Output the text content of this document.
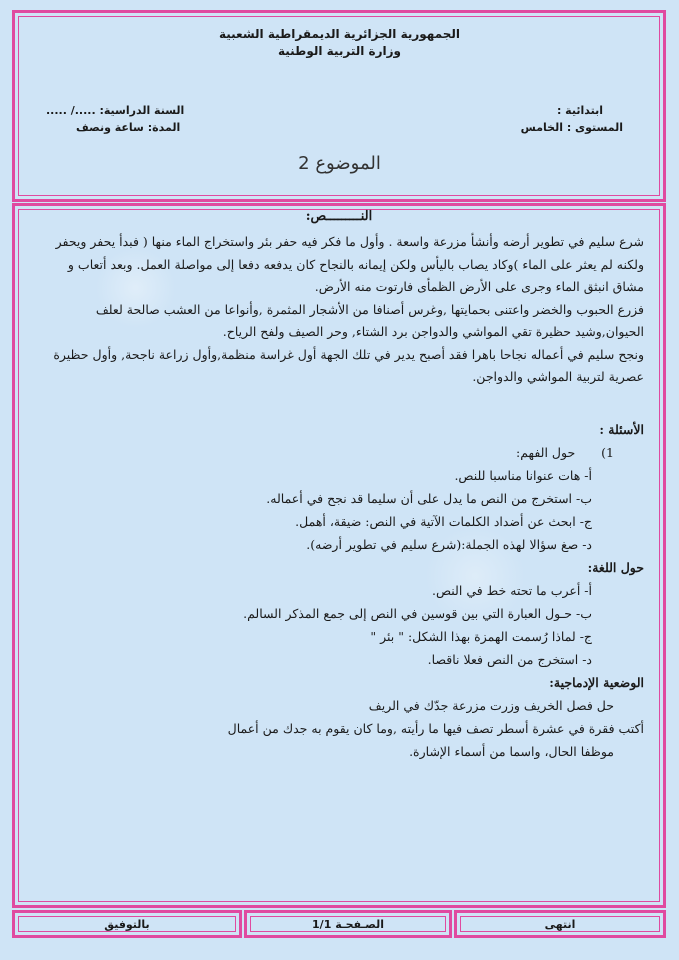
الجمهورية الجزائرية الديمقراطية الشعبية
وزارة التربية الوطنية
ابتدائية :
المستوى : الخامس
السنة الدراسية: ...../ .....
المدة: ساعة ونصف
الموضوع 2
النـــــــــص:

شرع سليم في تطوير أرضه وأنشأ مزرعة واسعة . وأول ما فكر فيه حفر بئر واستخراج الماء منها ( فبدأ يحفر ويحفر ولكنه لم يعثر على الماء )وكاد يصاب باليأس ولكن إيمانه بالنجاح كان يدفعه دفعا إلى مواصلة العمل. وبعد أتعاب و مشاق انبثق الماء وجرى على الأرض الظمأى فارتوت منه الأرض.

فزرع الحبوب والخضر واعتنى بحمايتها ,وغرس أصنافا من الأشجار المثمرة ,وأنواعا من العشب صالحة لعلف الحيوان,وشيد حظيرة تقي المواشي والدواجن برد الشتاء, وحر الصيف ولفح الرياح.

ونجح سليم في أعماله نجاحا باهرا فقد أصبح يدير في تلك الجهة أول غراسة منظمة,وأول زراعة ناجحة, وأول حظيرة عصرية لتربية المواشي والدواجن.

الأسئلة :
1) حول الفهم:
أ- هات عنوانا مناسبا للنص.
ب- استخرج من النص ما يدل على أن سليما قد نجح في أعماله.
ج- ابحث عن أضداد الكلمات الآتية في النص: ضيقة، أهمل.
د- صغ سؤالا لهذه الجملة:(شرع سليم في تطوير أرضه).
حول اللغة:
أ- أعرب ما تحته خط في النص.
ب- حـول العبارة التي بين قوسين في النص إلى جمع المذكر السالم.
ج- لماذا رُسمت الهمزة بهذا الشكل: " بئر "
د- استخرج من النص فعلا ناقصا.
الوضعية الإدماجية:
حل فصل الخريف وزرت مزرعة جدّك في الريف
أكتب فقرة في عشرة أسطر تصف فيها ما رأيته ,وما كان يقوم به جدك من أعمال
موظفا الحال، واسما من أسماء الإشارة.
انتهى
الصـفحـة 1/1
بالتوفيق
